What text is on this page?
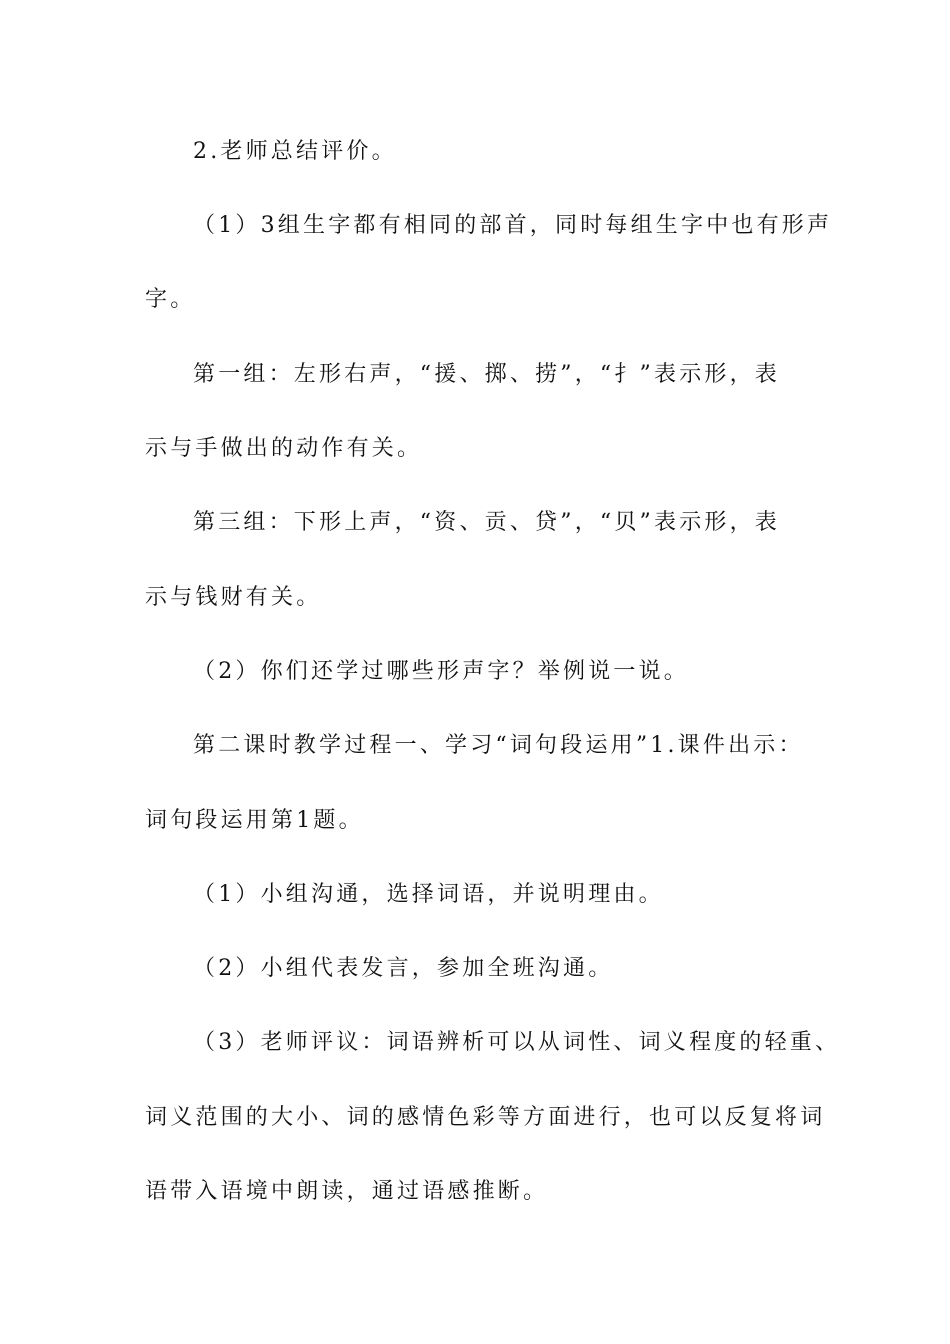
2.老师总结评价。

（1）3组生字都有相同的部首，同时每组生字中也有形声

字。

第一组：左形右声，“援、掷、捞”，“扌”表示形，表

示与手做出的动作有关。

第三组：下形上声，“资、贡、贷”，“贝”表示形，表

示与钱财有关。

（2）你们还学过哪些形声字？举例说一说。

第二课时教学过程一、学习“词句段运用”1.课件出示：

词句段运用第1题。

（1）小组沟通，选择词语，并说明理由。

（2）小组代表发言，参加全班沟通。

（3）老师评议：词语辨析可以从词性、词义程度的轻重、

词义范围的大小、词的感情色彩等方面进行，也可以反复将词

语带入语境中朗读，通过语感推断。
